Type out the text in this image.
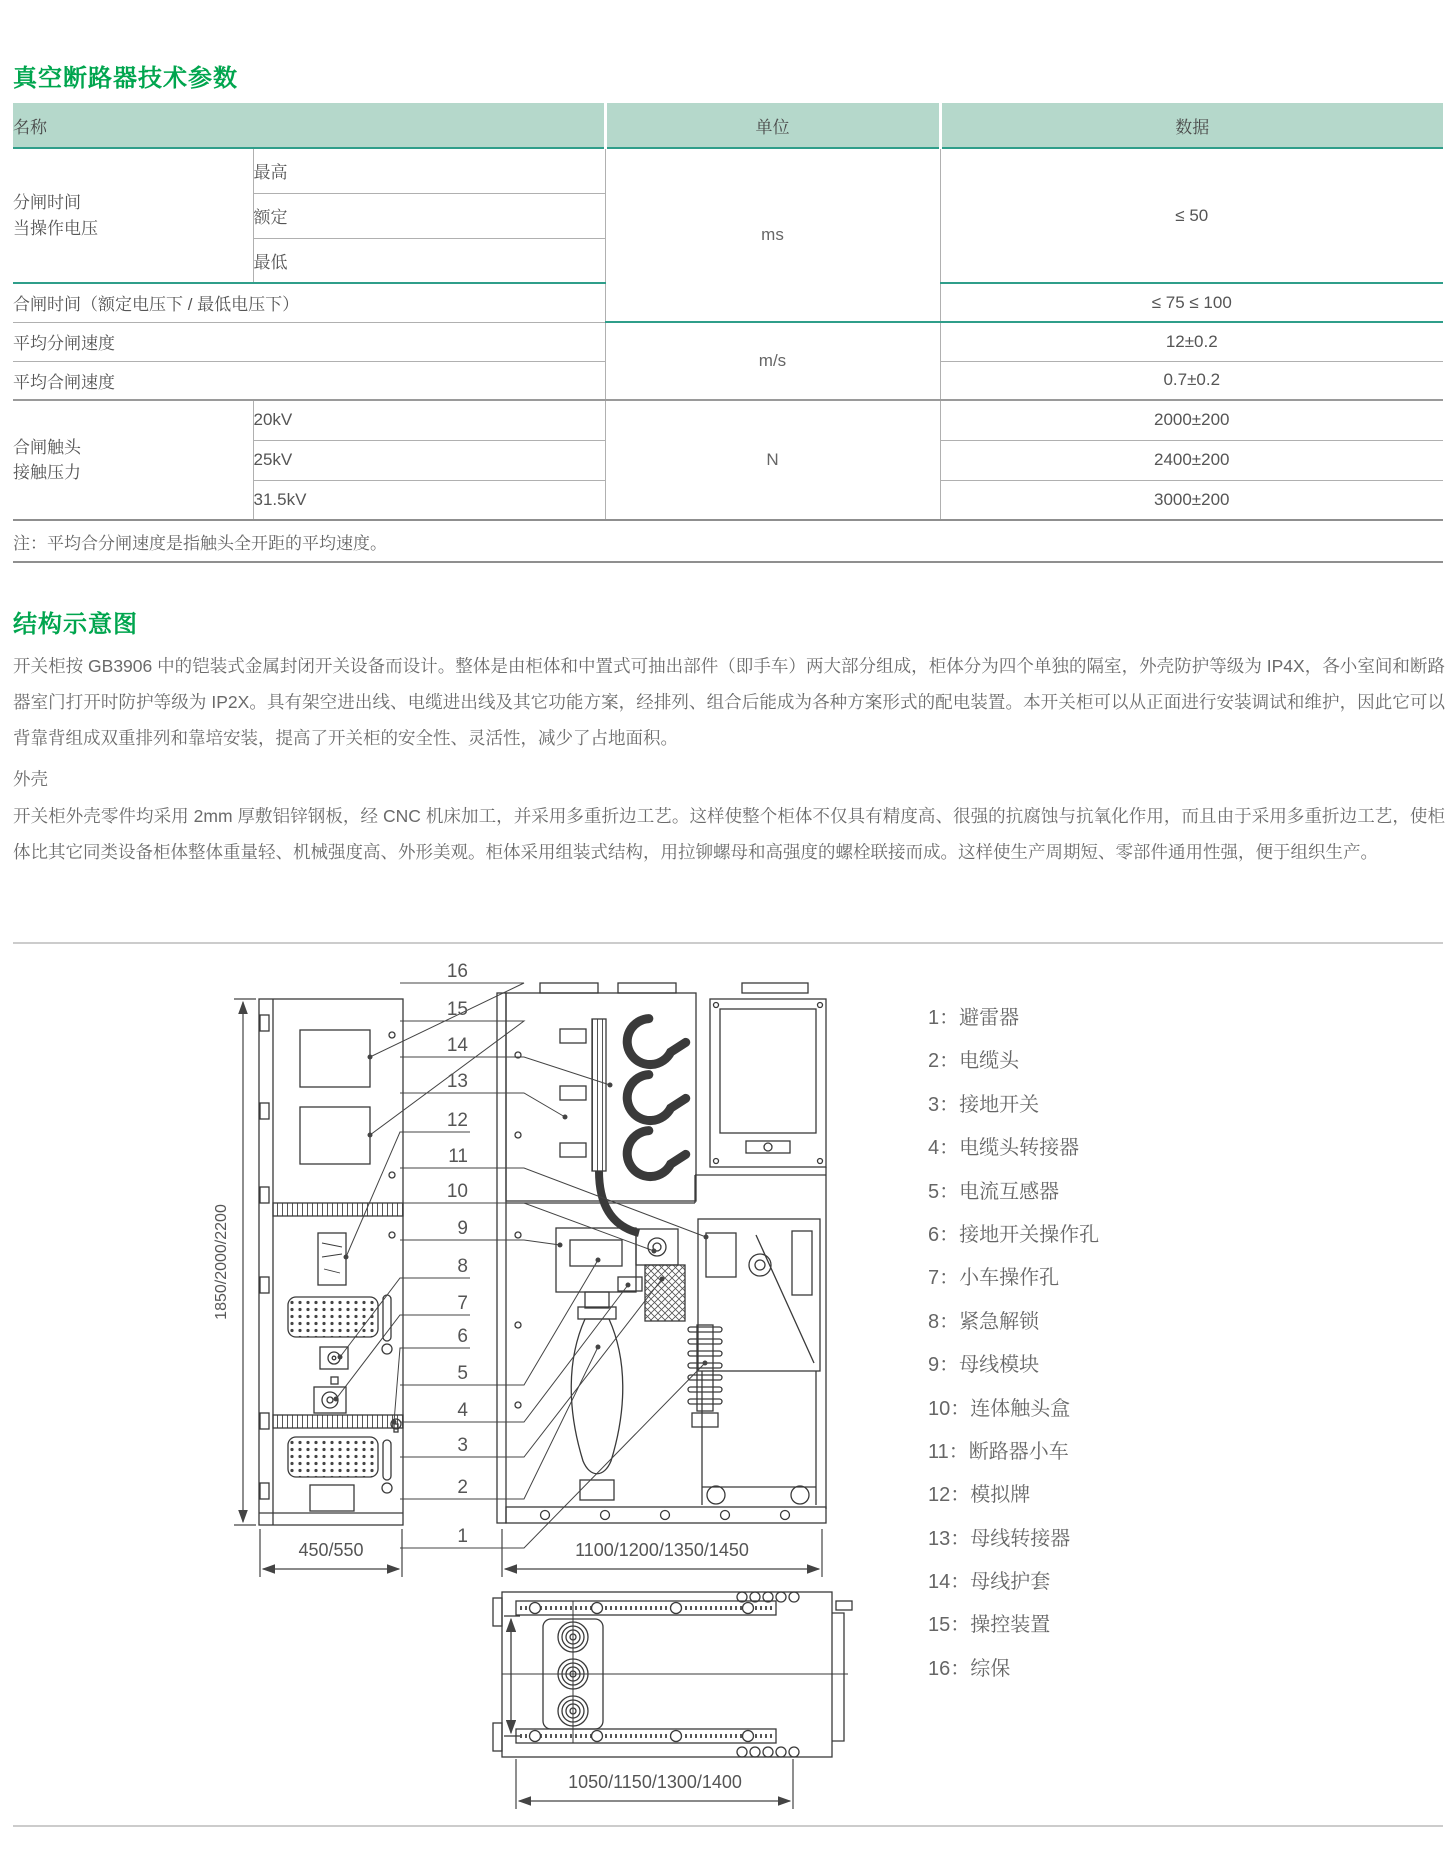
真空断路器技术参数
名称		单位	数据
分闸时间
当操作电压	最高	ms	≤ 50
	额定		
	最低		
合闸时间（额定电压下 / 最低电压下）			≤ 75 ≤ 100
平均分闸速度		m/s	12±0.2
平均合闸速度			0.7±0.2
合闸触头
接触压力	20kV	N	2000±200
	25kV		2400±200
	31.5kV		3000±200
注：平均合分闸速度是指触头全开距的平均速度。			
结构示意图
开关柜按 GB3906 中的铠装式金属封闭开关设备而设计。整体是由柜体和中置式可抽出部件（即手车）两大部分组成，柜体分为四个单独的隔室，外壳防护等级为 IP4X，各小室间和断路器室门打开时防护等级为 IP2X。具有架空进出线、电缆进出线及其它功能方案，经排列、组合后能成为各种方案形式的配电装置。本开关柜可以从正面进行安装调试和维护，因此它可以背靠背组成双重排列和靠培安装，提高了开关柜的安全性、灵活性，减少了占地面积。
外壳
开关柜外壳零件均采用 2mm 厚敷铝锌钢板，经 CNC 机床加工，并采用多重折边工艺。这样使整个柜体不仅具有精度高、很强的抗腐蚀与抗氧化作用，而且由于采用多重折边工艺，使柜体比其它同类设备柜体整体重量轻、机械强度高、外形美观。柜体采用组装式结构，用拉铆螺母和高强度的螺栓联接而成。这样使生产周期短、零部件通用性强，便于组织生产。
1850/2000/2200
450/550	1100/1200/1350/1450
1050/1150/1300/1400
16
15
14
13
12
11
10
9
8
7
6
5
4
3
2
1
1：避雷器
2：电缆头
3：接地开关
4：电缆头转接器
5：电流互感器
6：接地开关操作孔
7：小车操作孔
8：紧急解锁
9：母线模块
10：连体触头盒
11：断路器小车
12：模拟牌
13：母线转接器
14：母线护套
15：操控装置
16：综保
